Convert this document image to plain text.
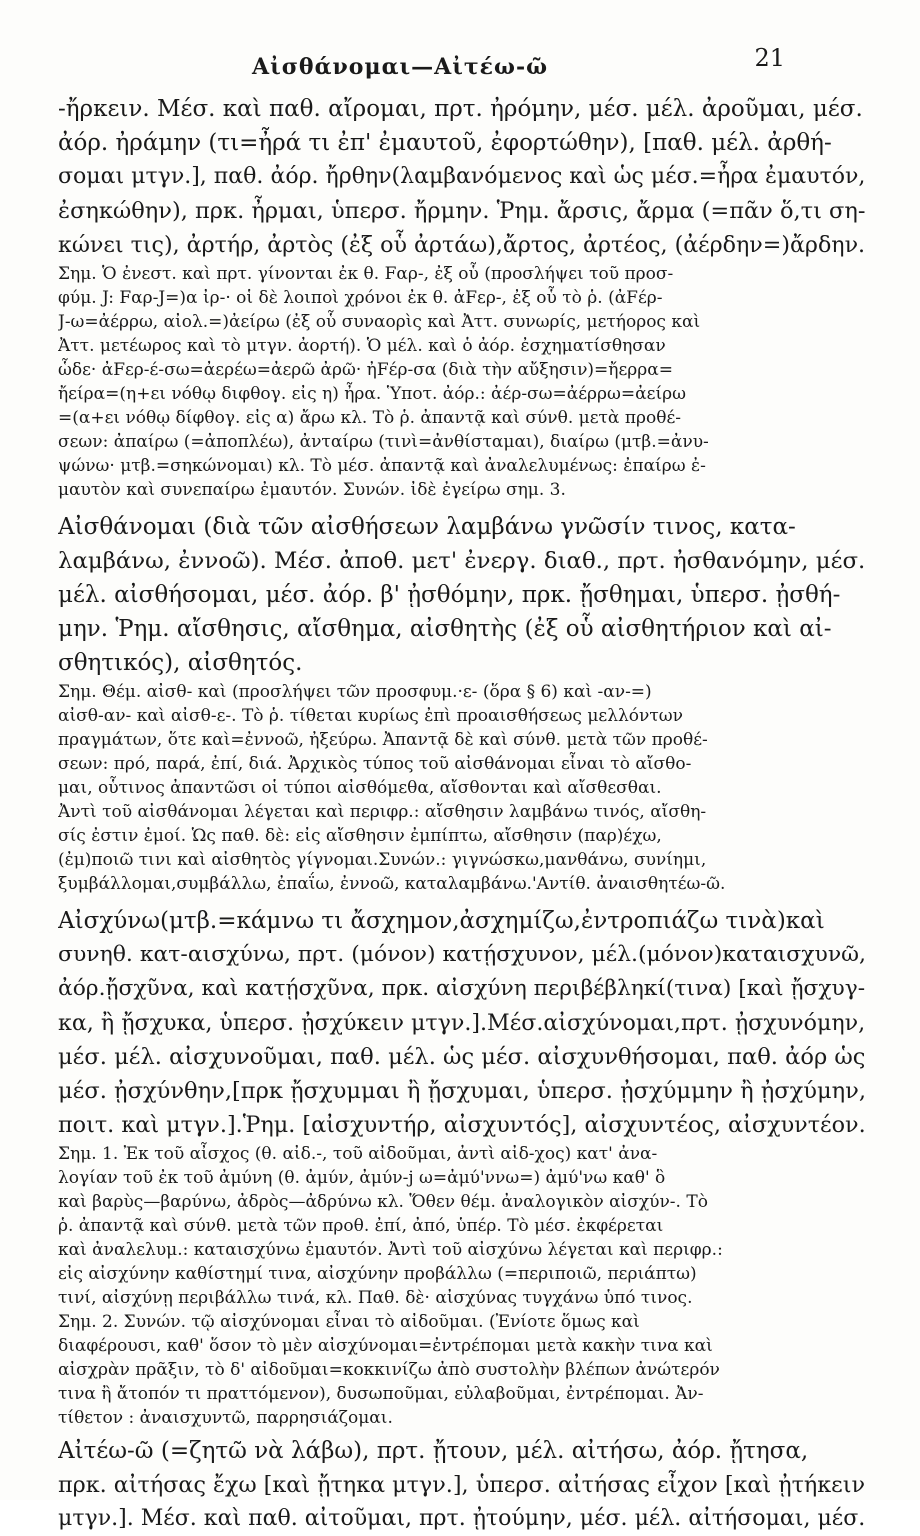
Αἰσθάνομαι—Αἰτέω-ῶ	21
-ἤρκειν. Μέσ. καὶ παθ. αἴρομαι, πρτ. ἠρόμην, μέσ. μέλ. ἀροῦμαι, μέσ.
ἀόρ. ἠράμην (τι=ἦρά τι ἐπ' ἐμαυτοῦ, ἐφορτώθην), [παθ. μέλ. ἀρθή-
σομαι μτγν.], παθ. ἀόρ. ἤρθην(λαμβανόμενος καὶ ὡς μέσ.=ἦρα ἐμαυτόν,
ἐσηκώθην), πρκ. ἦρμαι, ὑπερσ. ἤρμην. Ῥημ. ἄρσις, ἄρμα (=πᾶν ὅ,τι ση-
κώνει τις), ἀρτήρ, ἀρτὸς (ἐξ οὗ ἀρτάω),ἄρτος, ἀρτέος, (ἀέρδην=)ἄρδην.
Σημ. Ὁ ἐνεστ. καὶ πρτ. γίνονται ἐκ θ. Fαρ-, ἐξ οὗ (προσλήψει τοῦ προσ-
φύμ. J: Fαρ-J=)α ἰρ-· οἱ δὲ λοιποὶ χρόνοι ἐκ θ. ἀFερ-, ἐξ οὗ τὸ ῥ. (ἀFέρ-
J-ω=ἀέρρω, αἰολ.=)ἀείρω (ἐξ οὗ συναορὶς καὶ Ἀττ. συνωρίς, μετήορος καὶ
Ἀττ. μετέωρος καὶ τὸ μτγν. ἀορτή). Ὁ μέλ. καὶ ὁ ἀόρ. ἐσχηματίσθησαν
ὧδε· ἀFερ-έ-σω=ἀερέω=ἀερῶ ἀρῶ· ἠFέρ-σα (διὰ τὴν αὔξησιν)=ἤερρα=
ἤείρα=(η+ει νόθῳ διφθογ. εἰς η) ἦρα. Ὑποτ. ἀόρ.: ἀέρ-σω=ἀέρρω=ἀείρω
=(α+ει νόθῳ δίφθογ. εἰς α) ἄρω κλ. Τὸ ῥ. ἀπαντᾷ καὶ σύνθ. μετὰ προθέ-
σεων: ἀπαίρω (=ἀποπλέω), ἀνταίρω (τινὶ=ἀνθίσταμαι), διαίρω (μτβ.=ἀνυ-
ψώνω· μτβ.=σηκώνομαι) κλ. Τὸ μέσ. ἀπαντᾷ καὶ ἀναλελυμένως: ἐπαίρω ἐ-
μαυτὸν καὶ συνεπαίρω ἐμαυτόν. Συνών. ἰδὲ ἐγείρω σημ. 3.
Αἰσθάνομαι (διὰ τῶν αἰσθήσεων λαμβάνω γνῶσίν τινος, κατα-
λαμβάνω, ἐννοῶ). Μέσ. ἀποθ. μετ' ἐνεργ. διαθ., πρτ. ἠσθανόμην, μέσ.
μέλ. αἰσθήσομαι, μέσ. ἀόρ. β' ᾐσθόμην, πρκ. ᾔσθημαι, ὑπερσ. ᾐσθή-
μην. Ῥημ. αἴσθησις, αἴσθημα, αἰσθητὴς (ἐξ οὗ αἰσθητήριον καὶ αἰ-
σθητικός), αἰσθητός.
Σημ. Θέμ. αἰσθ- καὶ (προσλήψει τῶν προσφυμ.·ε- (ὅρα § 6) καὶ -αν-=)
αἰσθ-αν- καὶ αἰσθ-ε-. Τὸ ῥ. τίθεται κυρίως ἐπὶ προαισθήσεως μελλόντων
πραγμάτων, ὅτε καὶ=ἐννοῶ, ἠξεύρω. Ἀπαντᾷ δὲ καὶ σύνθ. μετὰ τῶν προθέ-
σεων: πρό, παρά, ἐπί, διά. Ἀρχικὸς τύπος τοῦ αἰσθάνομαι εἶναι τὸ αἴσθο-
μαι, οὗτινος ἀπαντῶσι οἱ τύποι αἰσθόμεθα, αἴσθονται καὶ αἴσθεσθαι.
Ἀντὶ τοῦ αἰσθάνομαι λέγεται καὶ περιφρ.: αἴσθησιν λαμβάνω τινός, αἴσθη-
σίς ἐστιν ἐμοί. Ὡς παθ. δὲ: εἰς αἴσθησιν ἐμπίπτω, αἴσθησιν (παρ)έχω,
(ἐμ)ποιῶ τινι καὶ αἰσθητὸς γίγνομαι.Συνών.: γιγνώσκω,μανθάνω, συνίημι,
ξυμβάλλομαι,συμβάλλω, ἐπαΐω, ἐννοῶ, καταλαμβάνω.'Αντίθ. ἀναισθητέω-ῶ.
Αἰσχύνω(μτβ.=κάμνω τι ἄσχημον,ἀσχημίζω,ἐντροπιάζω τινὰ)καὶ
συνηθ. κατ-αισχύνω, πρτ. (μόνον) κατῄσχυνον, μέλ.(μόνον)καταισχυνῶ,
ἀόρ.ᾔσχῦνα, καὶ κατῄσχῦνα, πρκ. αἰσχύνη περιβέβληκί(τινα) [καὶ ᾔσχυγ-
κα, ἢ ᾔσχυκα, ὑπερσ. ᾐσχύκειν μτγν.].Μέσ.αἰσχύνομαι,πρτ. ᾐσχυνόμην,
μέσ. μέλ. αἰσχυνοῦμαι, παθ. μέλ. ὡς μέσ. αἰσχυνθήσομαι, παθ. ἀόρ ὡς
μέσ. ᾐσχύνθην,[πρκ ᾔσχυμμαι ἢ ᾔσχυμαι, ὑπερσ. ᾐσχύμμην ἢ ᾐσχύμην,
ποιτ. καὶ μτγν.].Ῥημ. [αἰσχυντήρ, αἰσχυντός], αἰσχυντέος, αἰσχυντέον.
Σημ. 1. Ἐκ τοῦ αἶσχος (θ. αἰδ.-, τοῦ αἰδοῦμαι, ἀντὶ αἰδ-χος) κατ' ἀνα-
λογίαν τοῦ ἐκ τοῦ ἀμύνη (θ. ἀμύν, ἀμύν-j ω=ἀμύ'ννω=) ἀμύ'νω καθ' ὃ
καὶ βαρὺς—βαρύνω, ἀδρὸς—ἀδρύνω κλ. Ὅθεν θέμ. ἀναλογικὸν αἰσχύν-. Τὸ
ῥ. ἀπαντᾷ καὶ σύνθ. μετὰ τῶν προθ. ἐπί, ἀπό, ὑπέρ. Τὸ μέσ. ἐκφέρεται
καὶ ἀναλελυμ.: καταισχύνω ἐμαυτόν. Ἀντὶ τοῦ αἰσχύνω λέγεται καὶ περιφρ.:
εἰς αἰσχύνην καθίστημί τινα, αἰσχύνην προβάλλω (=περιποιῶ, περιάπτω)
τινί, αἰσχύνῃ περιβάλλω τινά, κλ. Παθ. δὲ· αἰσχύνας τυγχάνω ὑπό τινος.
Σημ. 2. Συνών. τῷ αἰσχύνομαι εἶναι τὸ αἰδοῦμαι. (Ἐνίοτε ὅμως καὶ
διαφέρουσι, καθ' ὅσον τὸ μὲν αἰσχύνομαι=ἐντρέπομαι μετὰ κακὴν τινα καὶ
αἰσχρὰν πρᾶξιν, τὸ δ' αἰδοῦμαι=κοκκινίζω ἀπὸ συστολὴν βλέπων ἀνώτερόν
τινα ἢ ἄτοπόν τι πραττόμενον), δυσωποῦμαι, εὐλαβοῦμαι, ἐντρέπομαι. Ἀν-
τίθετον : ἀναισχυντῶ, παρρησιάζομαι.
Αἰτέω-ῶ (=ζητῶ νὰ λάβω), πρτ. ᾔτουν, μέλ. αἰτήσω, ἀόρ. ᾔτησα,
πρκ. αἰτήσας ἔχω [καὶ ᾔτηκα μτγν.], ὑπερσ. αἰτήσας εἶχον [καὶ ᾐτήκειν
μτγν.]. Μέσ. καὶ παθ. αἰτοῦμαι, πρτ. ᾐτούμην, μέσ. μέλ. αἰτήσομαι, μέσ.
